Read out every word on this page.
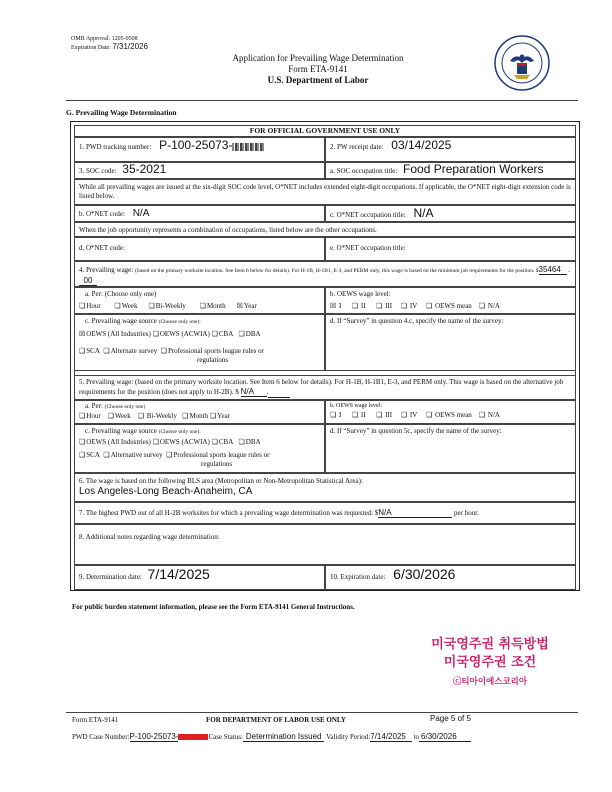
OMB Approval: 1205-0508
Expiration Date: 7/31/2026
Application for Prevailing Wage Determination
Form ETA-9141
U.S. Department of Labor
G. Prevailing Wage Determination
FOR OFFICIAL GOVERNMENT USE ONLY
1. PWD tracking number: P-100-25073-	2. PW receipt date: 03/14/2025
3. SOC code: 35-2021	a. SOC occupation title: Food Preparation Workers
While all prevailing wages are issued at the six-digit SOC code level, O*NET includes extended eight-digit occupations. If applicable, the O*NET eight-digit extension code is listed below.
b. O*NET code: N/A	c. O*NET occupation title: N/A
When the job opportunity represents a combination of occupations, listed below are the other occupations.
d. O*NET code:	e. O*NET occupation title:
4. Prevailing wage: (based on the primary worksite location. See Item 6 below for details). For H-1B, H-1B1, E-3, and PERM only, this wage is based on the minimum job requirements for the position. $35464 . 00
a. Per: (Choose only one)
❏Hour ❏Week ❏Bi-Weekly ❏Month ☒Year
b. OEWS wage level:
☒ I ❏ II ❏ III ❏ IV ❏ OEWS mean ❏ N/A
c. Prevailing wage source (Choose only one):
☒OEWS (All Industries) ❏OEWS (ACWIA) ❏CBA ❏DBA
❏SCA ❏Alternate survey ❏Professional sports league rules or
regulations
d. If “Survey” in question 4.c, specify the name of the survey:
5. Prevailing wage: (based on the primary worksite location. See Item 6 below for details). For H-1B, H-1B1, E-3, and PERM only. This wage is based on the alternative job requirements for the position (does not apply to H-2B). $ N/A .
a. Per: (Choose only one)
❏Hour ❏Week ❏ Bi-Weekly ❏Month ❏Year
b. OEWS wage level:
❏ I ❏ II ❏ III ❏ IV ❏ OEWS mean ❏ N/A
c. Prevailing wage source (Choose only one):
❏OEWS (All Industries) ❏OEWS (ACWIA) ❏CBA ❏DBA
❏SCA ❏Alternative survey ❏Professional sports league rules or
regulations
d. If “Survey” in question 5c, specify the name of the survey:
6. The wage is based on the following BLS area (Metropolitan or Non-Metropolitan Statistical Area):
Los Angeles-Long Beach-Anaheim, CA
7. The highest PWD out of all H-2B worksites for which a prevailing wage determination was requested: $N/A	per hour.
8. Additional notes regarding wage determination:
9. Determination date: 7/14/2025	10. Expiration date: 6/30/2026
For public burden statement information, please see the Form ETA-9141 General Instructions.
미국영주권 취득방법
미국영주권 조건
ⓒ티아이에스코리아
Form ETA-9141	FOR DEPARTMENT OF LABOR USE ONLY	Page 5 of 5
PWD Case Number:P-100-25073-	Case Status: Determination Issued Validity Period:7/14/2025 to 6/30/2026
